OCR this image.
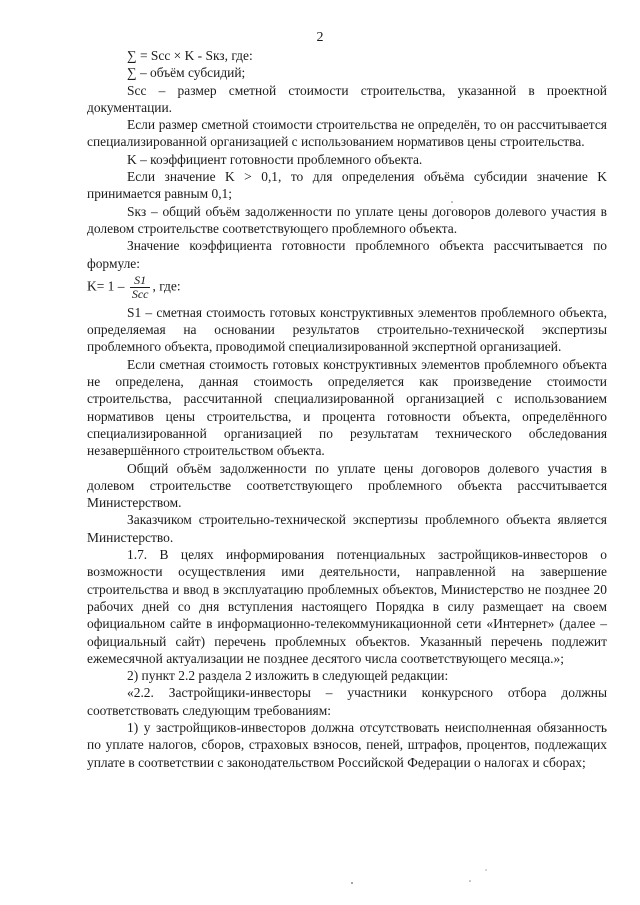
2

∑ = Sсс × K - Sкз, где:

∑ – объём субсидий;

Sсс – размер сметной стоимости строительства, указанной в проектной документации.

Если размер сметной стоимости строительства не определён, то он рассчитывается специализированной организацией с использованием нормативов цены строительства.

K – коэффициент готовности проблемного объекта.

Если значение K > 0,1, то для определения объёма субсидии значение K принимается равным 0,1;

Sкз – общий объём задолженности по уплате цены договоров долевого участия в долевом строительстве соответствующего проблемного объекта.

Значение коэффициента готовности проблемного объекта рассчитывается по формуле:

$K= 1 - \frac{S1}{\text{Scc}}$ , где:

S1 – сметная стоимость готовых конструктивных элементов проблемного объекта, определяемая на основании результатов строительно-технической экспертизы проблемного объекта, проводимой специализированной экспертной организацией.

Если сметная стоимость готовых конструктивных элементов проблемного объекта не определена, данная стоимость определяется как произведение стоимости строительства, рассчитанной специализированной организацией с использованием нормативов цены строительства, и процента готовности объекта, определённого специализированной организацией по результатам технического обследования незавершённого строительством объекта.

Общий объём задолженности по уплате цены договоров долевого участия в долевом строительстве соответствующего проблемного объекта рассчитывается Министерством.

Заказчиком строительно-технической экспертизы проблемного объекта является Министерство.

1.7. В целях информирования потенциальных застройщиков-инвесторов о возможности осуществления ими деятельности, направленной на завершение строительства и ввод в эксплуатацию проблемных объектов, Министерство не позднее 20 рабочих дней со дня вступления настоящего Порядка в силу размещает на своем официальном сайте в информационно-телекоммуникационной сети «Интернет» (далее – официальный сайт) перечень проблемных объектов. Указанный перечень подлежит ежемесячной актуализации не позднее десятого числа соответствующего месяца.»;

2) пункт 2.2 раздела 2 изложить в следующей редакции:

«2.2. Застройщики-инвесторы – участники конкурсного отбора должны соответствовать следующим требованиям:

1) у застройщиков-инвесторов должна отсутствовать неисполненная обязанность по уплате налогов, сборов, страховых взносов, пеней, штрафов, процентов, подлежащих уплате в соответствии с законодательством Российской Федерации о налогах и сборах;
